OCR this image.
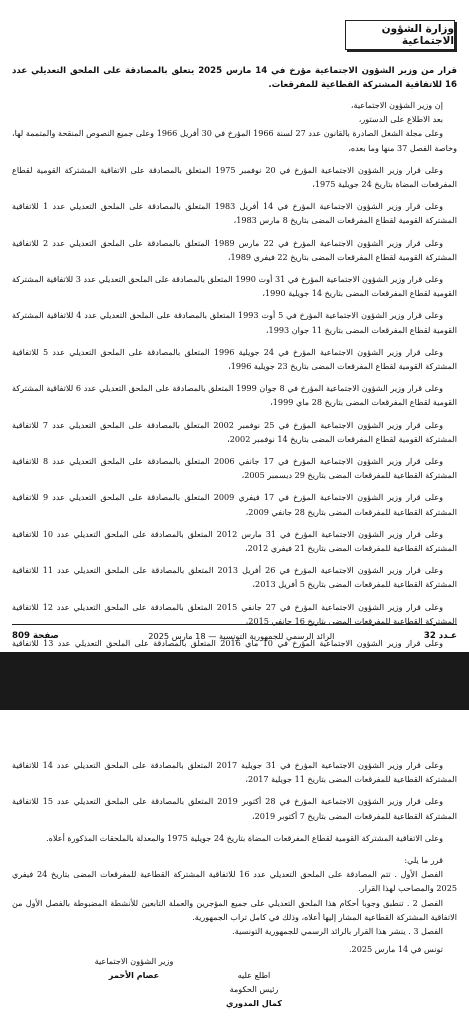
وزارة الشؤون الاجتماعية
قرار من وزير الشؤون الاجتماعية مؤرخ في 14 مارس 2025 يتعلق بالمصادقة على الملحق التعديلي عدد 16 للاتفاقية المشتركة القطاعية للمفرقعات.

إن وزير الشؤون الاجتماعية،

بعد الاطلاع على الدستور،

وعلى مجلة الشغل الصادرة بالقانون عدد 27 لسنة 1966 المؤرخ في 30 أفريل 1966 وعلى جميع النصوص المنقحة والمتممة لها، وخاصة الفصل 37 منها وما بعده،

وعلى قرار وزير الشؤون الاجتماعية المؤرخ في 20 نوفمبر 1975 المتعلق بالمصادقة على الاتفاقية المشتركة القومية لقطاع المفرقعات المضاة بتاريخ 24 جويلية 1975،

وعلى قرار وزير الشؤون الاجتماعية المؤرخ في 14 أفريل 1983 المتعلق بالمصادقة على الملحق التعديلي عدد 1 للاتفاقية المشتركة القومية لقطاع المفرقعات المضى بتاريخ 8 مارس 1983،

وعلى قرار وزير الشؤون الاجتماعية المؤرخ في 22 مارس 1989 المتعلق بالمصادقة على الملحق التعديلي عدد 2 للاتفاقية المشتركة القومية لقطاع المفرقعات المضى بتاريخ 22 فيفري 1989،

وعلى قرار وزير الشؤون الاجتماعية المؤرخ في 31 أوت 1990 المتعلق بالمصادقة على الملحق التعديلي عدد 3 للاتفاقية المشتركة القومية لقطاع المفرقعات المضى بتاريخ 14 جويلية 1990،

وعلى قرار وزير الشؤون الاجتماعية المؤرخ في 5 أوت 1993 المتعلق بالمصادقة على الملحق التعديلي عدد 4 للاتفاقية المشتركة القومية لقطاع المفرقعات المضى بتاريخ 11 جوان 1993،

وعلى قرار وزير الشؤون الاجتماعية المؤرخ في 24 جويلية 1996 المتعلق بالمصادقة على الملحق التعديلي عدد 5 للاتفاقية المشتركة القومية لقطاع المفرقعات المضى بتاريخ 23 جويلية 1996،

وعلى قرار وزير الشؤون الاجتماعية المؤرخ في 8 جوان 1999 المتعلق بالمصادقة على الملحق التعديلي عدد 6 للاتفاقية المشتركة القومية لقطاع المفرقعات المضى بتاريخ 28 ماي 1999،

وعلى قرار وزير الشؤون الاجتماعية المؤرخ في 25 نوفمبر 2002 المتعلق بالمصادقة على الملحق التعديلي عدد 7 للاتفاقية المشتركة القومية لقطاع المفرقعات المضى بتاريخ 14 نوفمبر 2002،

وعلى قرار وزير الشؤون الاجتماعية المؤرخ في 17 جانفي 2006 المتعلق بالمصادقة على الملحق التعديلي عدد 8 للاتفاقية المشتركة القطاعية للمفرقعات المضى بتاريخ 29 ديسمبر 2005،

وعلى قرار وزير الشؤون الاجتماعية المؤرخ في 17 فيفري 2009 المتعلق بالمصادقة على الملحق التعديلي عدد 9 للاتفاقية المشتركة القطاعية للمفرقعات المضى بتاريخ 28 جانفي 2009،

وعلى قرار وزير الشؤون الاجتماعية المؤرخ في 31 مارس 2012 المتعلق بالمصادقة على الملحق التعديلي عدد 10 للاتفاقية المشتركة القطاعية للمفرقعات المضى بتاريخ 21 فيفري 2012،

وعلى قرار وزير الشؤون الاجتماعية المؤرخ في 26 أفريل 2013 المتعلق بالمصادقة على الملحق التعديلي عدد 11 للاتفاقية المشتركة القطاعية للمفرقعات المضى بتاريخ 5 أفريل 2013،

وعلى قرار وزير الشؤون الاجتماعية المؤرخ في 27 جانفي 2015 المتعلق بالمصادقة على الملحق التعديلي عدد 12 للاتفاقية المشتركة القطاعية للمفرقعات المضى بتاريخ 16 جانفي 2015،

وعلى قرار وزير الشؤون الاجتماعية المؤرخ في 10 ماي 2016 المتعلق بالمصادقة على الملحق التعديلي عدد 13 للاتفاقية

عـدد 32
الرائد الرسمي للجمهورية التونسية — 18 مارس 2025
صفحة 809

وعلى قرار وزير الشؤون الاجتماعية المؤرخ في 31 جويلية 2017 المتعلق بالمصادقة على الملحق التعديلي عدد 14 للاتفاقية المشتركة القطاعية للمفرقعات المضى بتاريخ 11 جويلية 2017،

وعلى قرار وزير الشؤون الاجتماعية المؤرخ في 28 أكتوبر 2019 المتعلق بالمصادقة على الملحق التعديلي عدد 15 للاتفاقية المشتركة القطاعية للمفرقعات المضى بتاريخ 7 أكتوبر 2019،

وعلى الاتفاقية المشتركة القومية لقطاع المفرقعات المضاة بتاريخ 24 جويلية 1975 والمعدلة بالملحقات المذكورة أعلاه.

قرر ما يلي:

الفصل الأول . تتم المصادقة على الملحق التعديلي عدد 16 للاتفاقية المشتركة القطاعية للمفرقعات المضى بتاريخ 24 فيفري 2025 والمصاحب لهذا القرار.

الفصل 2 . تنطبق وجوبا أحكام هذا الملحق التعديلي على جميع المؤجرين والعملة التابعين للأنشطة المضبوطة بالفصل الأول من الاتفاقية المشتركة القطاعية المشار إليها أعلاه، وذلك في كامل تراب الجمهورية.

الفصل 3 . ينشر هذا القرار بالرائد الرسمي للجمهورية التونسية.

تونس في 14 مارس 2025.

وزير الشؤون الاجتماعية
عصام الأحمر	اطلع عليه
رئيس الحكومة
كمال المدوري
